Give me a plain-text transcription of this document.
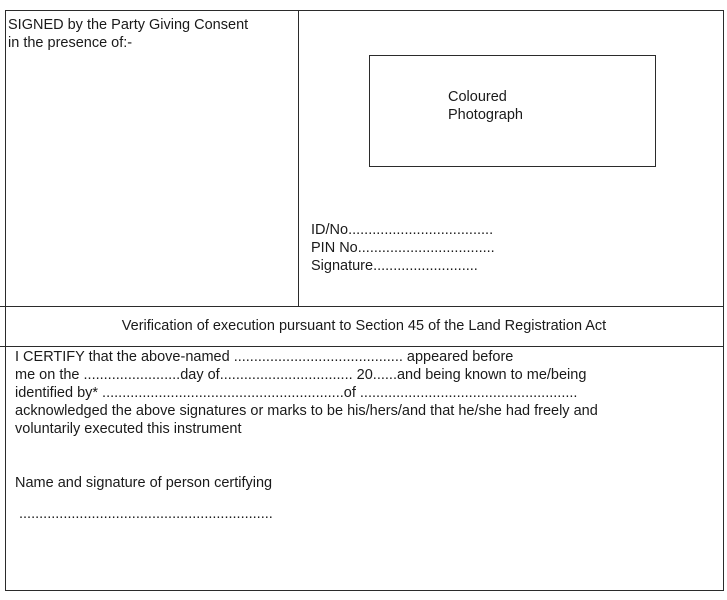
SIGNED by the Party Giving Consent
in the presence of:-
Coloured
Photograph
ID/No....................................
PIN No..................................
Signature..........................
Verification of execution pursuant to Section 45 of the Land Registration Act
I CERTIFY that the above-named .......................................... appeared before
me on the ........................day of................................. 20......and being known to me/being
identified by* ............................................................of ......................................................
acknowledged the above signatures or marks to be his/hers/and that he/she had freely and
voluntarily executed this instrument
Name and signature of person certifying
...............................................................
